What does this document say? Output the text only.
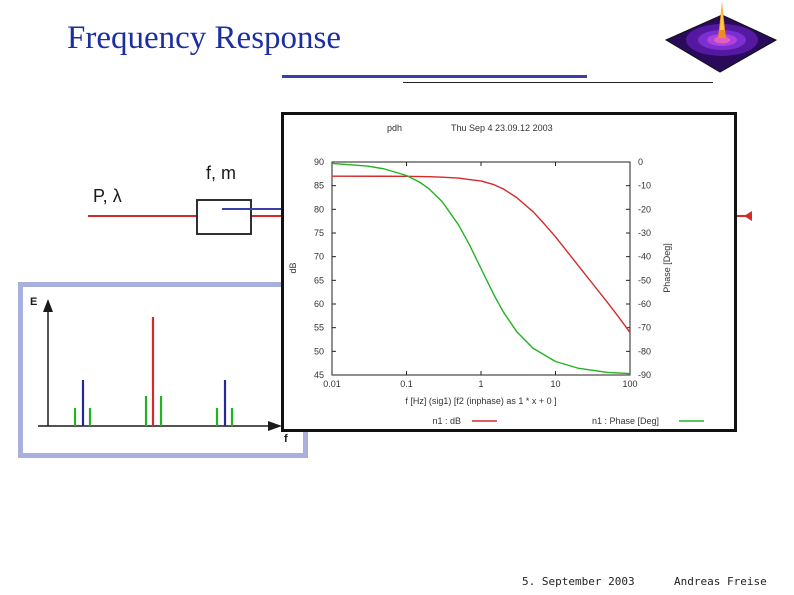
Frequency Response
P, λ
f, m
E
f
pdh	Thu Sep 4 23.09.12 2003
0.01	0.1	1	10	100
90
85
80
75
70
65
60
55
50
45
0
-10
-20
-30
-40
-50
-60
-70
-80
-90
dB	Phase [Deg]
f [Hz] (sig1) [f2 (inphase) as 1 * x + 0 ]
n1 : dB	n1 : Phase [Deg]
5. September 2003	Andreas Freise
